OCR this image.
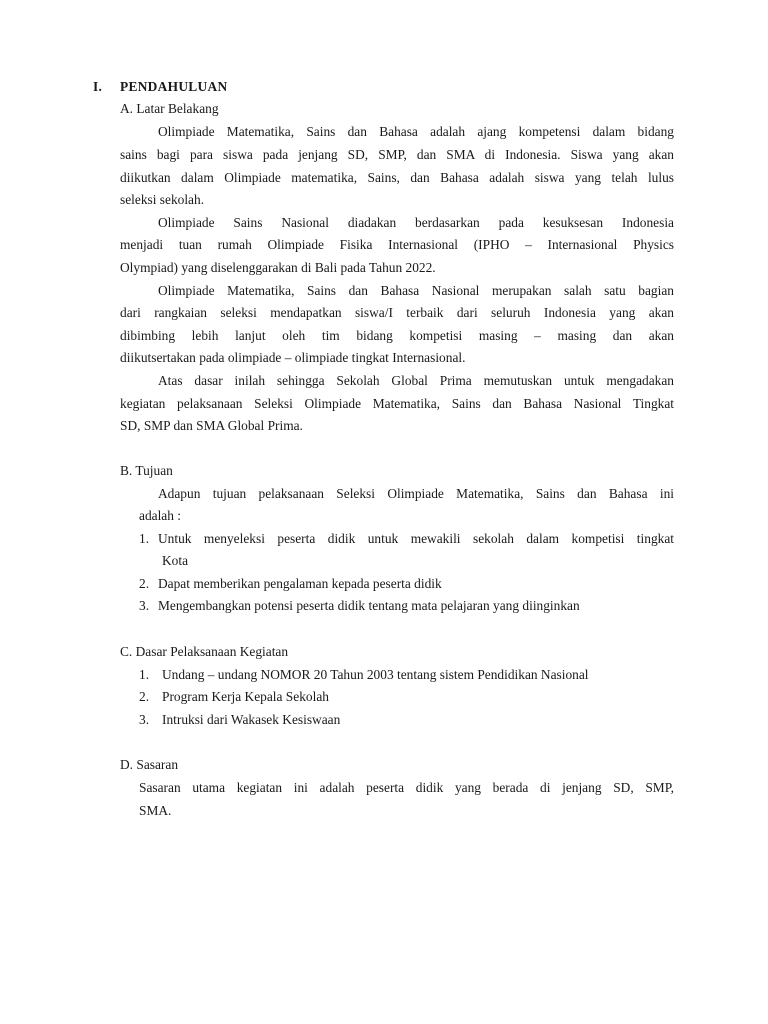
I. PENDAHULUAN
A. Latar Belakang
Olimpiade Matematika, Sains dan Bahasa adalah ajang kompetensi dalam bidang
sains bagi para siswa pada jenjang SD, SMP, dan SMA di Indonesia. Siswa yang akan
diikutkan dalam Olimpiade matematika, Sains, dan Bahasa adalah siswa yang telah lulus
seleksi sekolah.
Olimpiade Sains Nasional diadakan berdasarkan pada kesuksesan Indonesia
menjadi tuan rumah Olimpiade Fisika Internasional (IPHO – Internasional Physics
Olympiad) yang diselenggarakan di Bali pada Tahun 2022.
Olimpiade Matematika, Sains dan Bahasa Nasional merupakan salah satu bagian
dari rangkaian seleksi mendapatkan siswa/I terbaik dari seluruh Indonesia yang akan
dibimbing lebih lanjut oleh tim bidang kompetisi masing – masing dan akan
diikutsertakan pada olimpiade – olimpiade tingkat Internasional.
Atas dasar inilah sehingga Sekolah Global Prima memutuskan untuk mengadakan
kegiatan pelaksanaan Seleksi Olimpiade Matematika, Sains dan Bahasa Nasional Tingkat
SD, SMP dan SMA Global Prima.
B. Tujuan
Adapun tujuan pelaksanaan Seleksi Olimpiade Matematika, Sains dan Bahasa ini
adalah :
1. Untuk menyeleksi peserta didik untuk mewakili sekolah dalam kompetisi tingkat
Kota
2. Dapat memberikan pengalaman kepada peserta didik
3. Mengembangkan potensi peserta didik tentang mata pelajaran yang diinginkan
C. Dasar Pelaksanaan Kegiatan
1. Undang – undang NOMOR 20 Tahun 2003 tentang sistem Pendidikan Nasional
2. Program Kerja Kepala Sekolah
3. Intruksi dari Wakasek Kesiswaan
D. Sasaran
Sasaran utama kegiatan ini adalah peserta didik yang berada di jenjang SD, SMP,
SMA.
